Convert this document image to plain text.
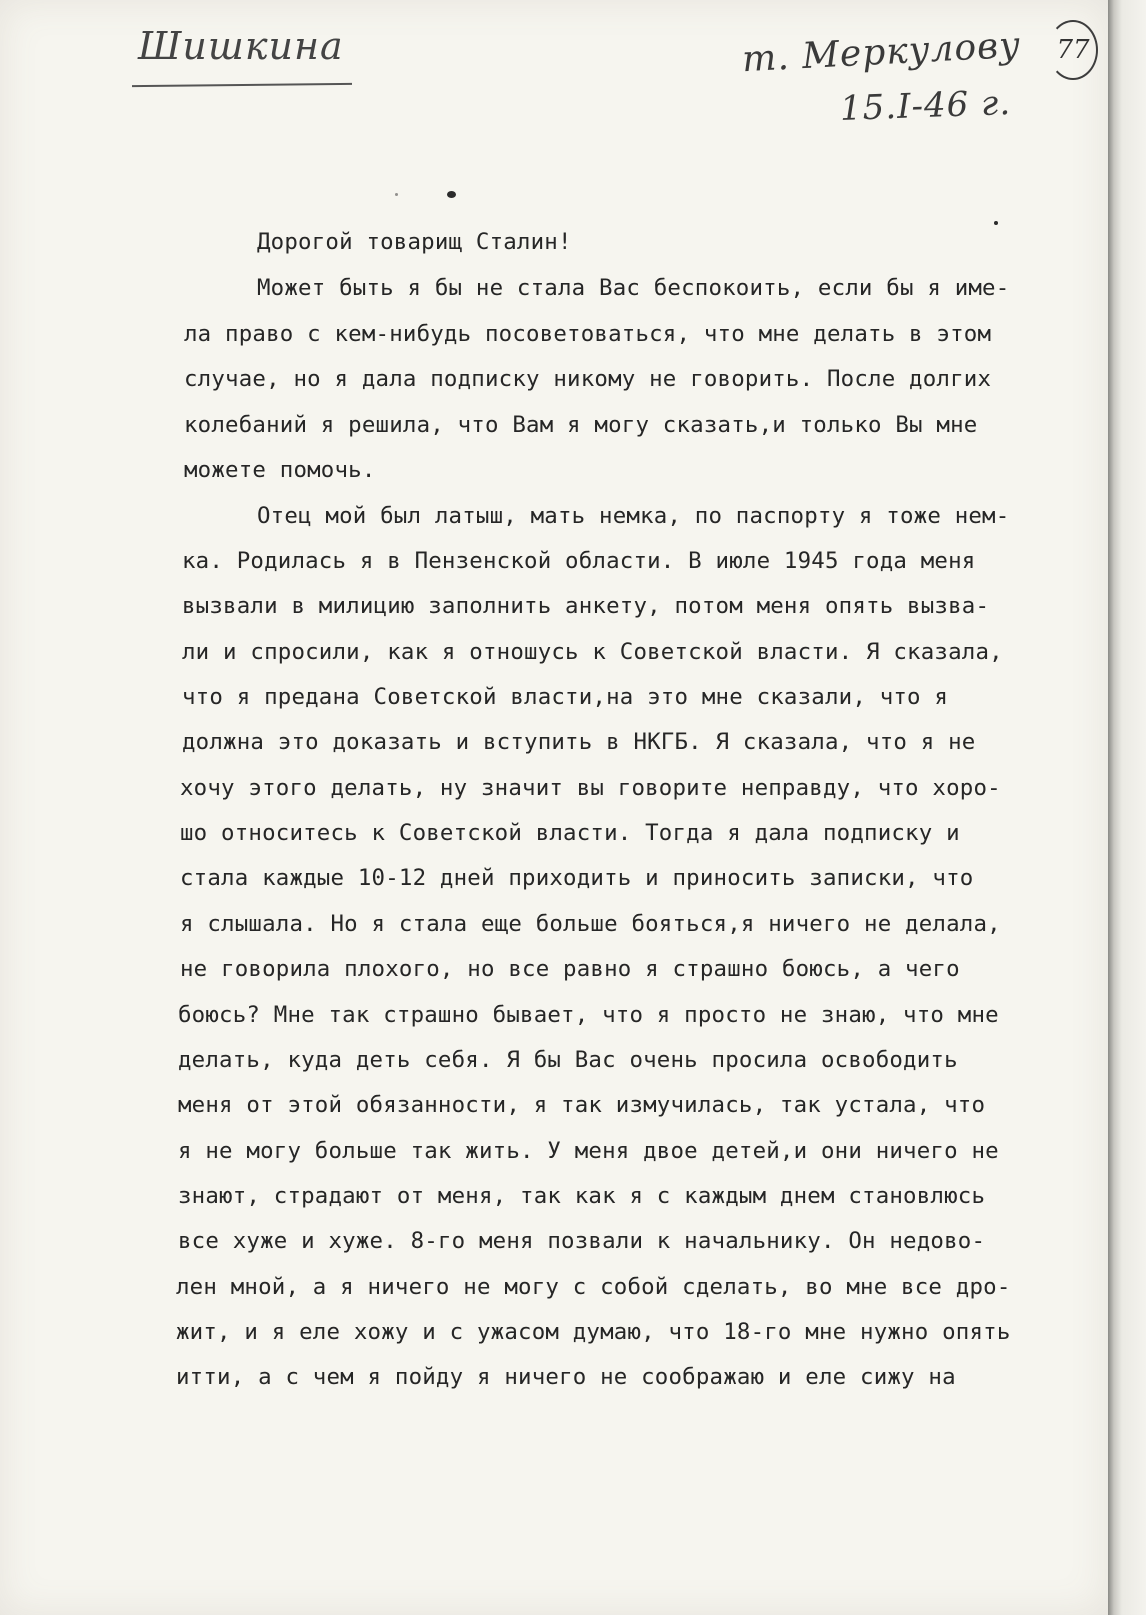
Шишкина	т. Меркулову
15.I-46 г.
77
Дорогой товарищ Сталин!
Может быть я бы не стала Вас беспокоить, если бы я име-
ла право с кем-нибудь посоветоваться, что мне делать в этом
случае, но я дала подписку никому не говорить. После долгих
колебаний я решила, что Вам я могу сказать,и только Вы мне
можете помочь.
Отец мой был латыш, мать немка, по паспорту я тоже нем-
ка. Родилась я в Пензенской области. В июле 1945 года меня
вызвали в милицию заполнить анкету, потом меня опять вызва-
ли и спросили, как я отношусь к Советской власти. Я сказала,
что я предана Советской власти,на это мне сказали, что я
должна это доказать и вступить в НКГБ. Я сказала, что я не
хочу этого делать, ну значит вы говорите неправду, что хоро-
шо относитесь к Советской власти. Тогда я дала подписку и
стала каждые 10-12 дней приходить и приносить записки, что
я слышала. Но я стала еще больше бояться,я ничего не делала,
не говорила плохого, но все равно я страшно боюсь, а чего
боюсь? Мне так страшно бывает, что я просто не знаю, что мне
делать, куда деть себя. Я бы Вас очень просила освободить
меня от этой обязанности, я так измучилась, так устала, что
я не могу больше так жить. У меня двое детей,и они ничего не
знают, страдают от меня, так как я с каждым днем становлюсь
все хуже и хуже. 8-го меня позвали к начальнику. Он недово-
лен мной, а я ничего не могу с собой сделать, во мне все дро-
жит, и я еле хожу и с ужасом думаю, что 18-го мне нужно опять
итти, а с чем я пойду я ничего не соображаю и еле сижу на
